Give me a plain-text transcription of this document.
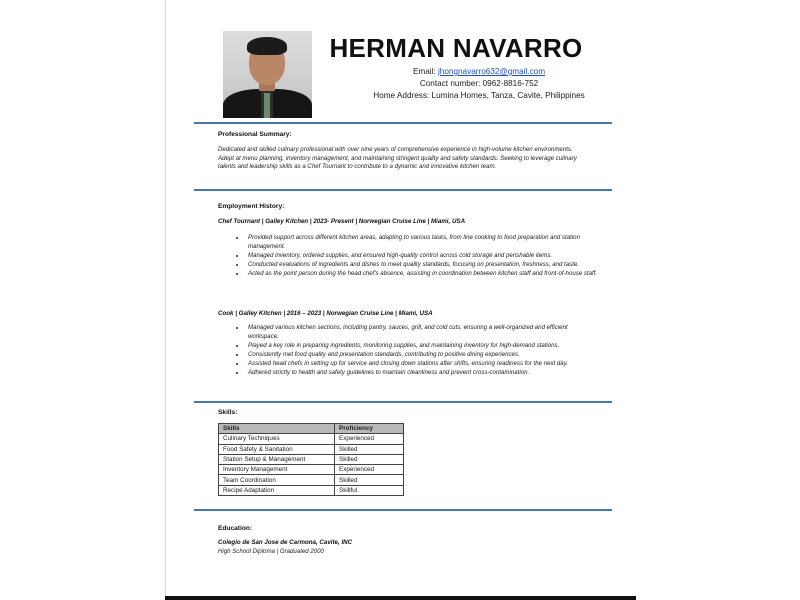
HERMAN NAVARRO
Email: jhongnavarro632@gmail.com
Contact number: 0962-8816-752
Home Address: Lumina Homes, Tanza, Cavite, Philippines
Professional Summary:
Dedicated and skilled culinary professional with over nine years of comprehensive experience in high-volume kitchen environments. Adept at menu planning, inventory management, and maintaining stringent quality and safety standards. Seeking to leverage culinary talents and leadership skills as a Chef Tournant to contribute to a dynamic and innovative kitchen team.
Employment History:
Chef Tournant | Galley Kitchen | 2023- Present | Norwegian Cruise Line | Miami, USA
• Provided support across different kitchen areas, adapting to various tasks, from line cooking to food preparation and station management.
• Managed inventory, ordered supplies, and ensured high-quality control across cold storage and perishable items.
• Conducted evaluations of ingredients and dishes to meet quality standards, focusing on presentation, freshness, and taste.
• Acted as the point person during the head chef's absence, assisting in coordination between kitchen staff and front-of-house staff.
Cook | Galley Kitchen | 2016 – 2023 | Norwegian Cruise Line | Miami, USA
• Managed various kitchen sections, including pantry, sauces, grill, and cold cuts, ensuring a well-organized and efficient workspace.
• Played a key role in preparing ingredients, monitoring supplies, and maintaining inventory for high-demand stations.
• Consistently met food quality and presentation standards, contributing to positive dining experiences.
• Assisted head chefs in setting up for service and closing down stations after shifts, ensuring readiness for the next day.
• Adhered strictly to health and safety guidelines to maintain cleanliness and prevent cross-contamination.
Skills:
Skills	Proficiency
Culinary Techniques	Experienced
Food Safety & Sanitation	Skilled
Station Setup & Management	Skilled
Inventory Management	Experienced
Team Coordination	Skilled
Recipe Adaptation	Skillful
Education:
Colegio de San Jose de Carmona, Cavite, INC
High School Diploma | Graduated 2000
